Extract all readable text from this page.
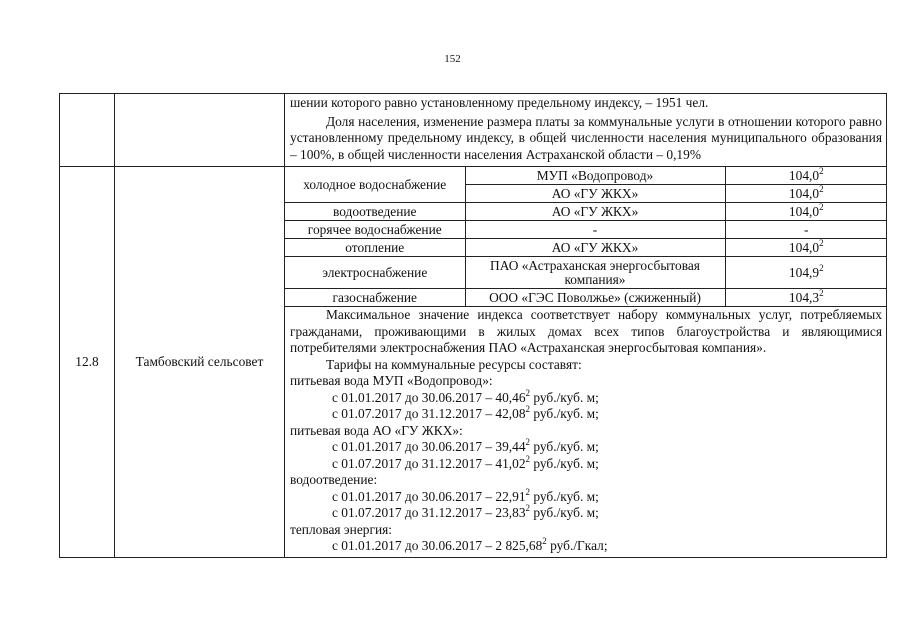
152

шении которого равно установленному предельному индексу, – 1951 чел.
Доля населения, изменение размера платы за коммунальные услуги в отношении которого равно установленному предельному индексу, в общей численности населения муниципального образования – 100%, в общей численности населения Астраханской области – 0,19%

12.8	Тамбовский сельсовет	
холодное водоснабжение	МУП «Водопровод»	104,0$^2$
АО «ГУ ЖКХ»	104,0$^2$
водоотведение	АО «ГУ ЖКХ»	104,0$^2$
горячее водоснабжение	-	-
отопление	АО «ГУ ЖКХ»	104,0$^2$
электроснабжение	ПАО «Астраханская энергосбытовая компания»	104,9$^2$
газоснабжение	ООО «ГЭС Поволжье» (сжиженный)	104,3$^2$
Максимальное значение индекса соответствует набору коммунальных услуг, потребляемых гражданами, проживающими в жилых домах всех типов благоустройства и являющимися потребителями электроснабжения ПАО «Астраханская энергосбытовая компания».
Тарифы на коммунальные ресурсы составят:
питьевая вода МУП «Водопровод»:
с 01.01.2017 до 30.06.2017 – 40,46$^2$ руб./куб. м;
с 01.07.2017 до 31.12.2017 – 42,08$^2$ руб./куб. м;
питьевая вода АО «ГУ ЖКХ»:
с 01.01.2017 до 30.06.2017 – 39,44$^2$ руб./куб. м;
с 01.07.2017 до 31.12.2017 – 41,02$^2$ руб./куб. м;
водоотведение:
с 01.01.2017 до 30.06.2017 – 22,91$^2$ руб./куб. м;
с 01.07.2017 до 31.12.2017 – 23,83$^2$ руб./куб. м;
тепловая энергия:
с 01.01.2017 до 30.06.2017 – 2 825,68$^2$ руб./Гкал;
